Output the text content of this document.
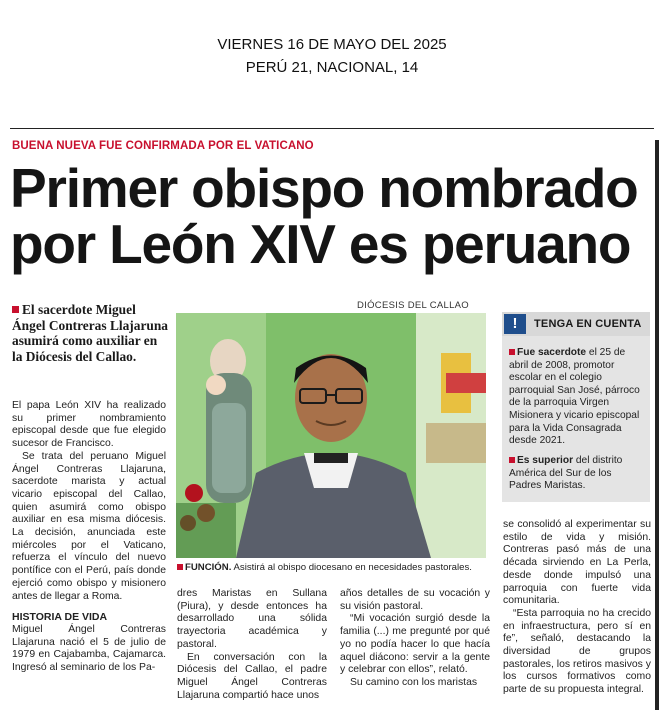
VIERNES 16 DE MAYO DEL 2025
PERÚ 21, NACIONAL, 14
BUENA NUEVA FUE CONFIRMADA POR EL VATICANO
Primer obispo nombrado
por León XIV es peruano
El sacerdote Miguel Ángel Contreras Llajaruna asumirá como auxiliar en la Diócesis del Callao.

El papa León XIV ha realizado su primer nombramiento episcopal desde que fue elegido sucesor de Francisco.

Se trata del peruano Miguel Ángel Contreras Llajaruna, sacerdote marista y actual vicario episcopal del Callao, quien asumirá como obispo auxiliar en esa misma diócesis. La decisión, anunciada este miércoles por el Vaticano, refuerza el vínculo del nuevo pontífice con el Perú, país donde ejerció como obispo y misionero antes de llegar a Roma.

HISTORIA DE VIDA

Miguel Ángel Contreras Llajaruna nació el 5 de julio de 1979 en Cajabamba, Cajamarca. Ingresó al seminario de los Pa-

DIÓCESIS DEL CALLAO
FUNCIÓN. Asistirá al obispo diocesano en necesidades pastorales.

dres Maristas en Sullana (Piura), y desde entonces ha desarrollado una sólida trayectoria académica y pastoral.

En conversación con la Diócesis del Callao, el padre Miguel Ángel Contreras Llajaruna compartió hace unos

años detalles de su vocación y su visión pastoral.

“Mi vocación surgió desde la familia (...) me pregunté por qué yo no podía hacer lo que hacía aquel diácono: servir a la gente y celebrar con ellos”, relató.

Su camino con los maristas

!	TENGA EN CUENTA
Fue sacerdote el 25 de abril de 2008, promotor escolar en el colegio parroquial San José, párroco de la parroquia Virgen Misionera y vicario episcopal para la Vida Consagrada desde 2021.
Es superior del distrito América del Sur de los Padres Maristas.

se consolidó al experimentar su estilo de vida y misión. Contreras pasó más de una década sirviendo en La Perla, desde donde impulsó una parroquia con fuerte vida comunitaria.

“Esta parroquia no ha crecido en infraestructura, pero sí en fe”, señaló, destacando la diversidad de grupos pastorales, los retiros masivos y los cursos formativos como parte de su propuesta integral.
